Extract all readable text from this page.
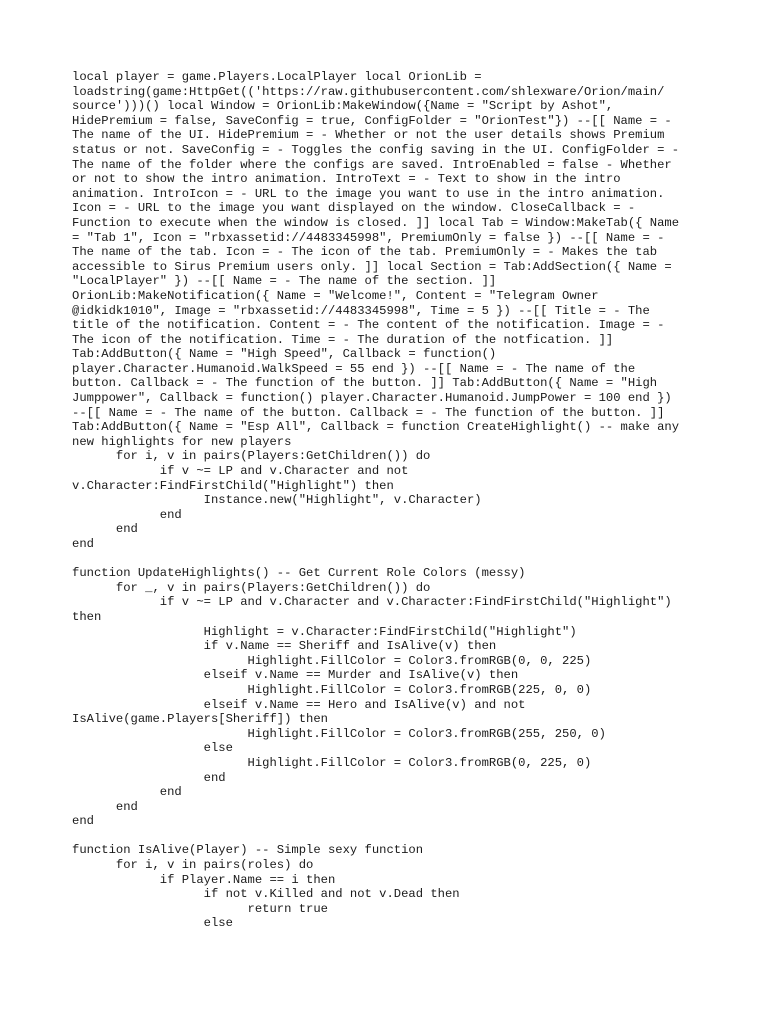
local player = game.Players.LocalPlayer local OrionLib =
loadstring(game:HttpGet(('https://raw.githubusercontent.com/shlexware/Orion/main/
source')))() local Window = OrionLib:MakeWindow({Name = "Script by Ashot",
HidePremium = false, SaveConfig = true, ConfigFolder = "OrionTest"}) --[[ Name = -
The name of the UI. HidePremium = - Whether or not the user details shows Premium
status or not. SaveConfig = - Toggles the config saving in the UI. ConfigFolder = -
The name of the folder where the configs are saved. IntroEnabled = false - Whether
or not to show the intro animation. IntroText = - Text to show in the intro
animation. IntroIcon = - URL to the image you want to use in the intro animation.
Icon = - URL to the image you want displayed on the window. CloseCallback = -
Function to execute when the window is closed. ]] local Tab = Window:MakeTab({ Name
= "Tab 1", Icon = "rbxassetid://4483345998", PremiumOnly = false }) --[[ Name = -
The name of the tab. Icon = - The icon of the tab. PremiumOnly = - Makes the tab
accessible to Sirus Premium users only. ]] local Section = Tab:AddSection({ Name =
"LocalPlayer" }) --[[ Name = - The name of the section. ]]
OrionLib:MakeNotification({ Name = "Welcome!", Content = "Telegram Owner
@idkidk1010", Image = "rbxassetid://4483345998", Time = 5 }) --[[ Title = - The
title of the notification. Content = - The content of the notification. Image = -
The icon of the notification. Time = - The duration of the notfication. ]]
Tab:AddButton({ Name = "High Speed", Callback = function()
player.Character.Humanoid.WalkSpeed = 55 end }) --[[ Name = - The name of the
button. Callback = - The function of the button. ]] Tab:AddButton({ Name = "High
Jumppower", Callback = function() player.Character.Humanoid.JumpPower = 100 end })
--[[ Name = - The name of the button. Callback = - The function of the button. ]]
Tab:AddButton({ Name = "Esp All", Callback = function CreateHighlight() -- make any
new highlights for new players
for i, v in pairs(Players:GetChildren()) do
if v ~= LP and v.Character and not
v.Character:FindFirstChild("Highlight") then
Instance.new("Highlight", v.Character)
end
end
end
function UpdateHighlights() -- Get Current Role Colors (messy)
for _, v in pairs(Players:GetChildren()) do
if v ~= LP and v.Character and v.Character:FindFirstChild("Highlight")
then
Highlight = v.Character:FindFirstChild("Highlight")
if v.Name == Sheriff and IsAlive(v) then
Highlight.FillColor = Color3.fromRGB(0, 0, 225)
elseif v.Name == Murder and IsAlive(v) then
Highlight.FillColor = Color3.fromRGB(225, 0, 0)
elseif v.Name == Hero and IsAlive(v) and not
IsAlive(game.Players[Sheriff]) then
Highlight.FillColor = Color3.fromRGB(255, 250, 0)
else
Highlight.FillColor = Color3.fromRGB(0, 225, 0)
end
end
end
end
function IsAlive(Player) -- Simple sexy function
for i, v in pairs(roles) do
if Player.Name == i then
if not v.Killed and not v.Dead then
return true
else
